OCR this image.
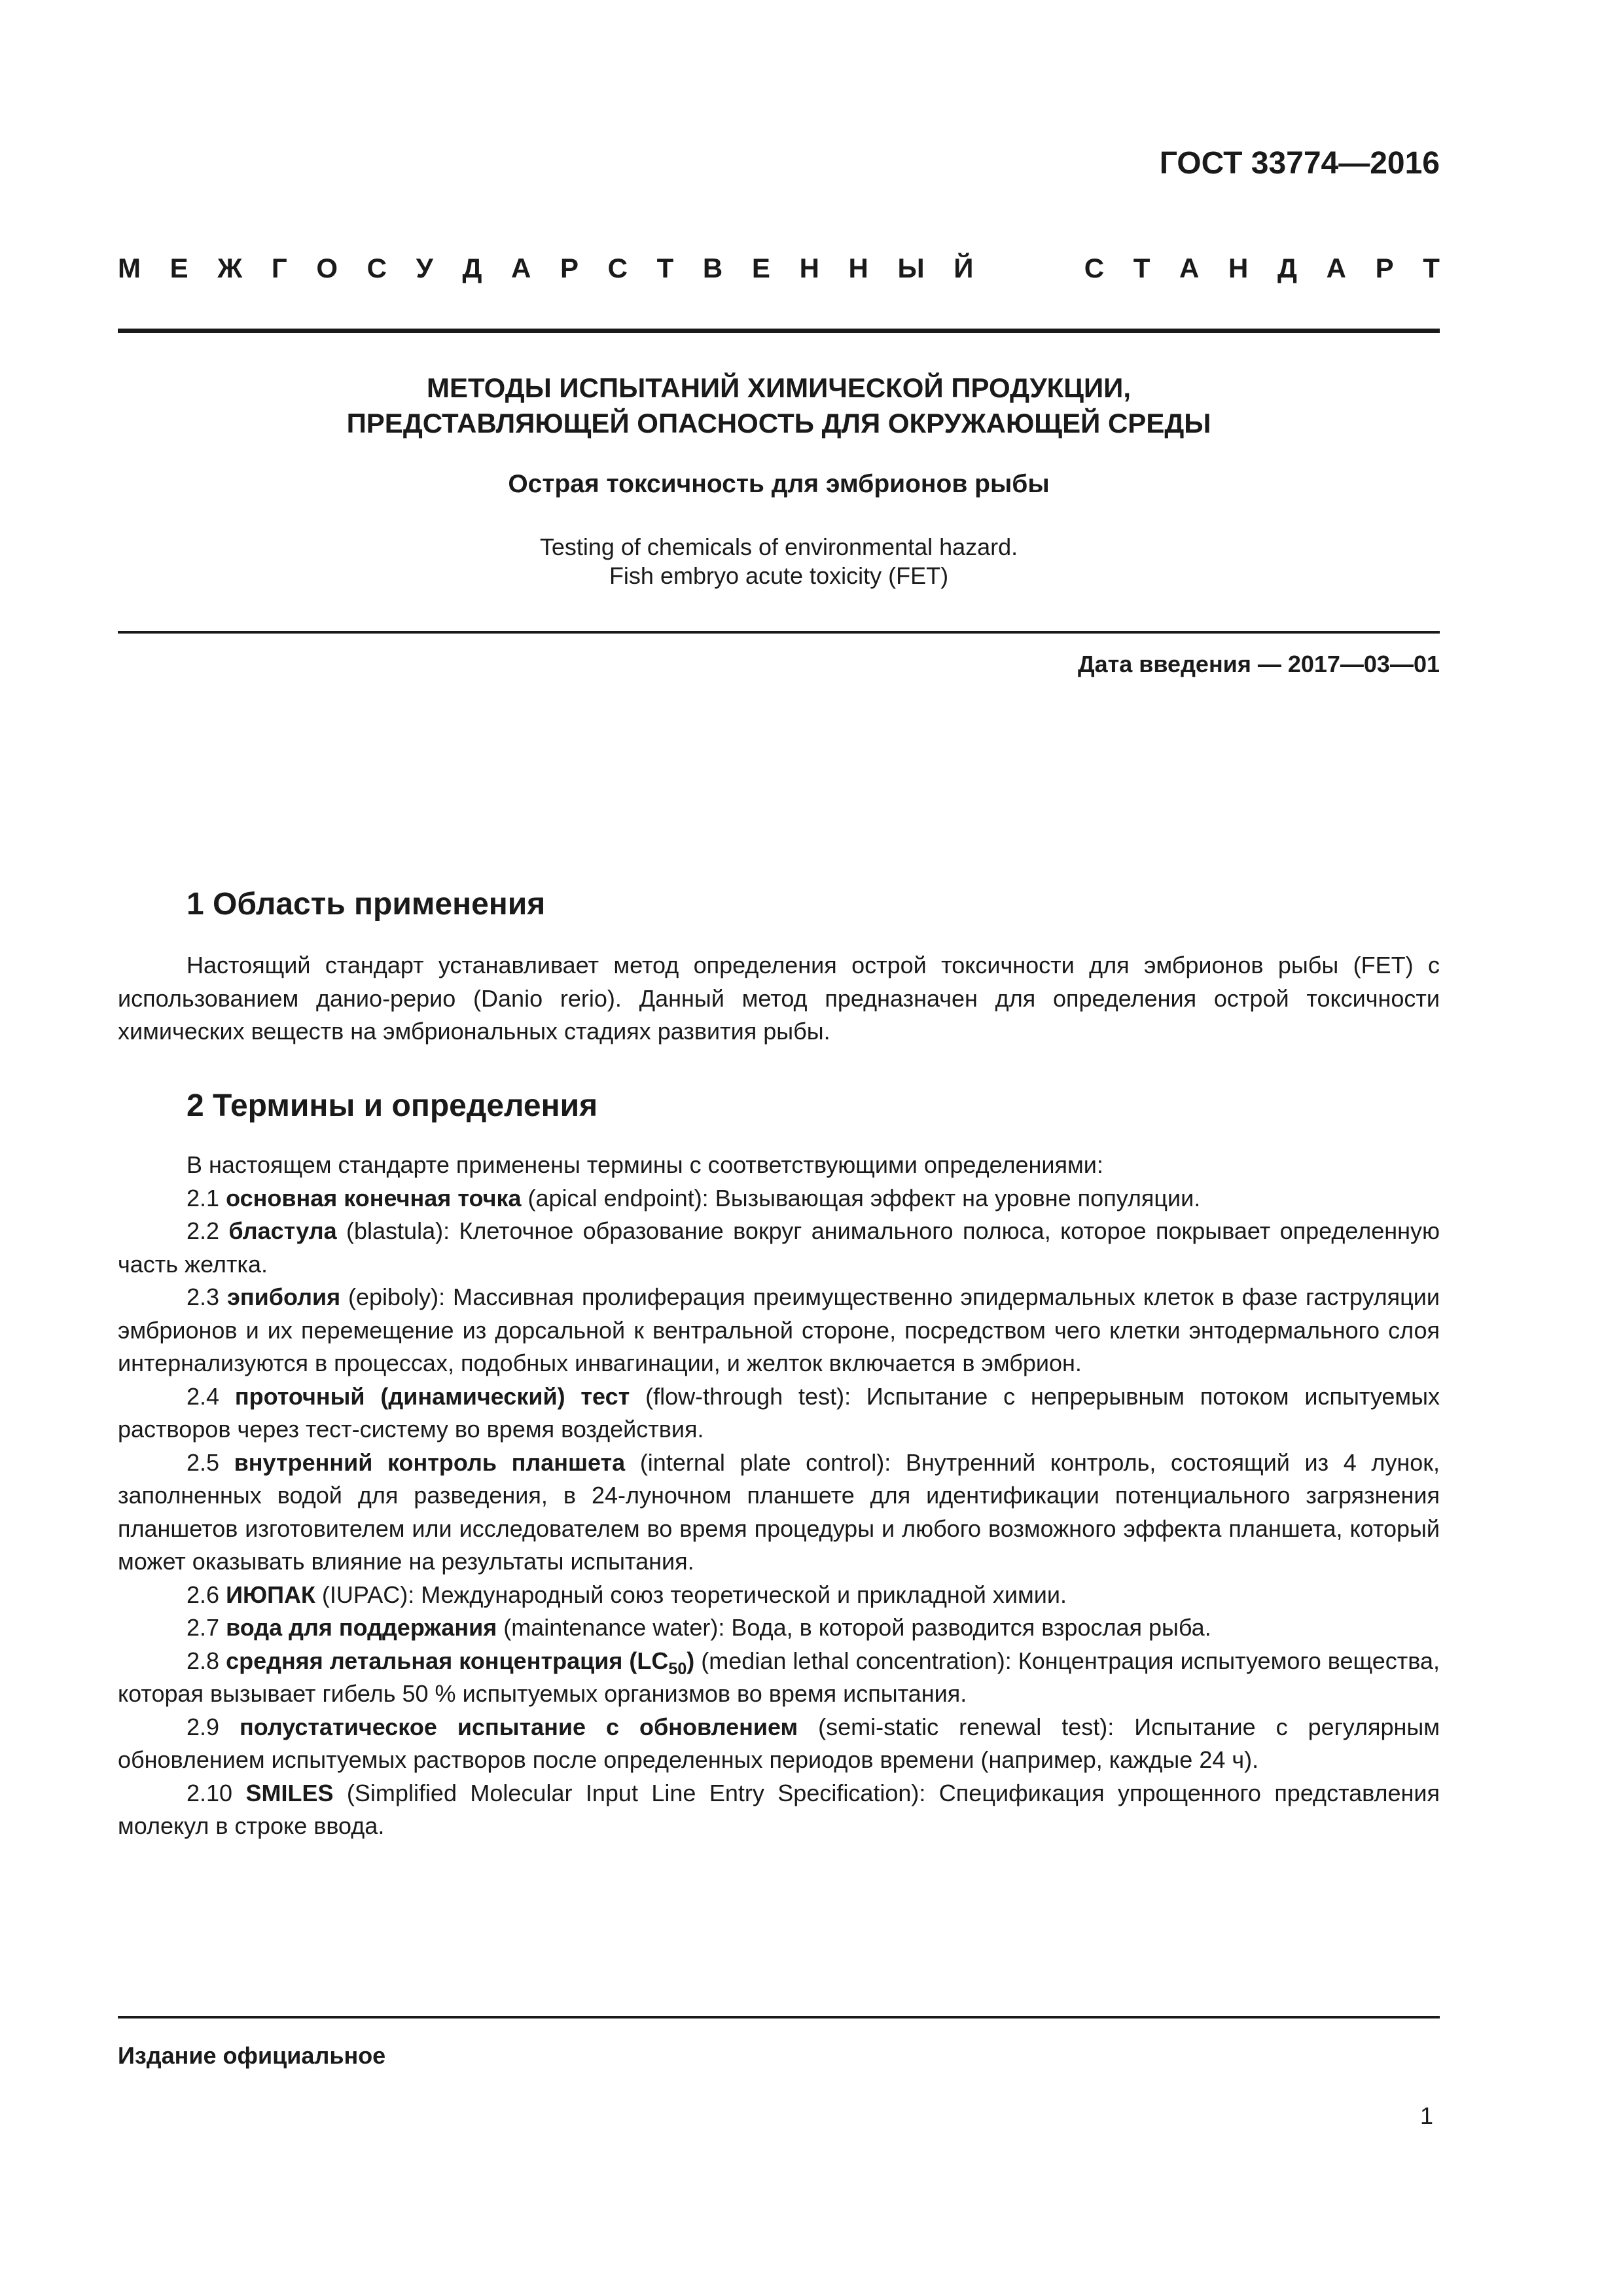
ГОСТ 33774—2016
М Е Ж Г О С У Д А Р С Т В Е Н Н Ы Й	С Т А Н Д А Р Т
МЕТОДЫ ИСПЫТАНИЙ ХИМИЧЕСКОЙ ПРОДУКЦИИ,
ПРЕДСТАВЛЯЮЩЕЙ ОПАСНОСТЬ ДЛЯ ОКРУЖАЮЩЕЙ СРЕДЫ
Острая токсичность для эмбрионов рыбы
Testing of chemicals of environmental hazard.
Fish embryo acute toxicity (FET)
Дата введения — 2017—03—01
1 Область применения

Настоящий стандарт устанавливает метод определения острой токсичности для эмбрионов рыбы (FET) с использованием данио-рерио (Danio rerio). Данный метод предназначен для определения острой токсичности химических веществ на эмбриональных стадиях развития рыбы.

2 Термины и определения

В настоящем стандарте применены термины с соответствующими определениями:

2.1 основная конечная точка (apical endpoint): Вызывающая эффект на уровне популяции.

2.2 бластула (blastula): Клеточное образование вокруг анимального полюса, которое покрывает определенную часть желтка.

2.3 эпиболия (epiboly): Массивная пролиферация преимущественно эпидермальных клеток в фазе гаструляции эмбрионов и их перемещение из дорсальной к вентральной стороне, посредством чего клетки энтодермального слоя интернализуются в процессах, подобных инвагинации, и желток включается в эмбрион.

2.4 проточный (динамический) тест (flow-through test): Испытание с непрерывным потоком испытуемых растворов через тест-систему во время воздействия.

2.5 внутренний контроль планшета (internal plate control): Внутренний контроль, состоящий из 4 лунок, заполненных водой для разведения, в 24-луночном планшете для идентификации потенциального загрязнения планшетов изготовителем или исследователем во время процедуры и любого возможного эффекта планшета, который может оказывать влияние на результаты испытания.

2.6 ИЮПАК (IUPAC): Международный союз теоретической и прикладной химии.

2.7 вода для поддержания (maintenance water): Вода, в которой разводится взрослая рыба.

2.8 средняя летальная концентрация $(LC_{50})$ (median lethal concentration): Концентрация испытуемого вещества, которая вызывает гибель 50 % испытуемых организмов во время испытания.

2.9 полустатическое испытание с обновлением (semi-static renewal test): Испытание с регулярным обновлением испытуемых растворов после определенных периодов времени (например, каждые 24 ч).

2.10 SMILES (Simplified Molecular Input Line Entry Specification): Спецификация упрощенного представления молекул в строке ввода.

Издание официальное
1
